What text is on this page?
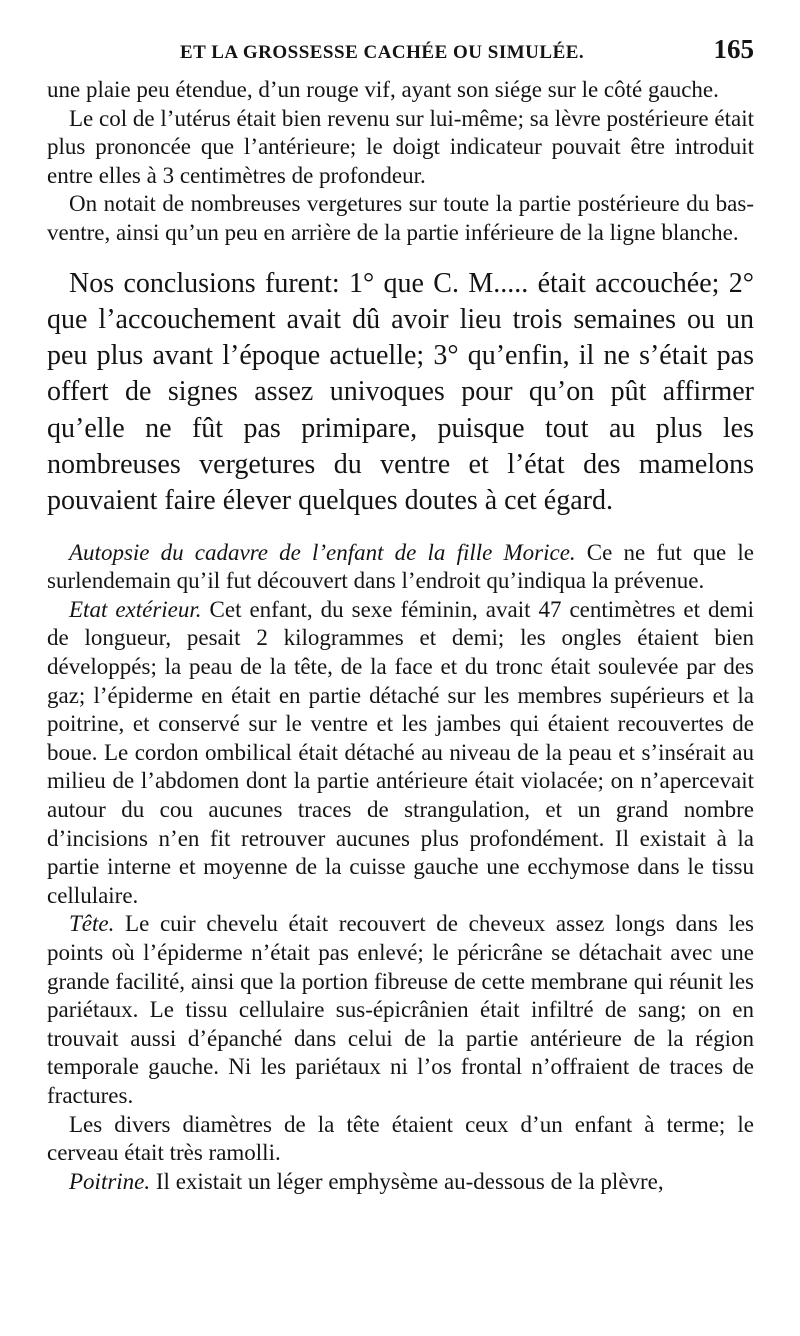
ET LA GROSSESSE CACHÉE OU SIMULÉE.	165

une plaie peu étendue, d’un rouge vif, ayant son siége sur le côté gauche.

Le col de l’utérus était bien revenu sur lui-même; sa lèvre postérieure était plus prononcée que l’antérieure; le doigt indicateur pouvait être introduit entre elles à 3 centimètres de profondeur.

On notait de nombreuses vergetures sur toute la partie postérieure du bas-ventre, ainsi qu’un peu en arrière de la partie inférieure de la ligne blanche.

Nos conclusions furent: 1° que C. M..... était accouchée; 2° que l’accouchement avait dû avoir lieu trois semaines ou un peu plus avant l’époque actuelle; 3° qu’enfin, il ne s’était pas offert de signes assez univoques pour qu’on pût affirmer qu’elle ne fût pas primipare, puisque tout au plus les nombreuses vergetures du ventre et l’état des mamelons pouvaient faire élever quelques doutes à cet égard.

Autopsie du cadavre de l’enfant de la fille Morice. Ce ne fut que le surlendemain qu’il fut découvert dans l’endroit qu’indiqua la prévenue.

Etat extérieur. Cet enfant, du sexe féminin, avait 47 centimètres et demi de longueur, pesait 2 kilogrammes et demi; les ongles étaient bien développés; la peau de la tête, de la face et du tronc était soulevée par des gaz; l’épiderme en était en partie détaché sur les membres supérieurs et la poitrine, et conservé sur le ventre et les jambes qui étaient recouvertes de boue. Le cordon ombilical était détaché au niveau de la peau et s’insérait au milieu de l’abdomen dont la partie antérieure était violacée; on n’apercevait autour du cou aucunes traces de strangulation, et un grand nombre d’incisions n’en fit retrouver aucunes plus profondément. Il existait à la partie interne et moyenne de la cuisse gauche une ecchymose dans le tissu cellulaire.

Tête. Le cuir chevelu était recouvert de cheveux assez longs dans les points où l’épiderme n’était pas enlevé; le péricrâne se détachait avec une grande facilité, ainsi que la portion fibreuse de cette membrane qui réunit les pariétaux. Le tissu cellulaire sus-épicrânien était infiltré de sang; on en trouvait aussi d’épanché dans celui de la partie antérieure de la région temporale gauche. Ni les pariétaux ni l’os frontal n’offraient de traces de fractures.

Les divers diamètres de la tête étaient ceux d’un enfant à terme; le cerveau était très ramolli.

Poitrine. Il existait un léger emphysème au-dessous de la plèvre,
